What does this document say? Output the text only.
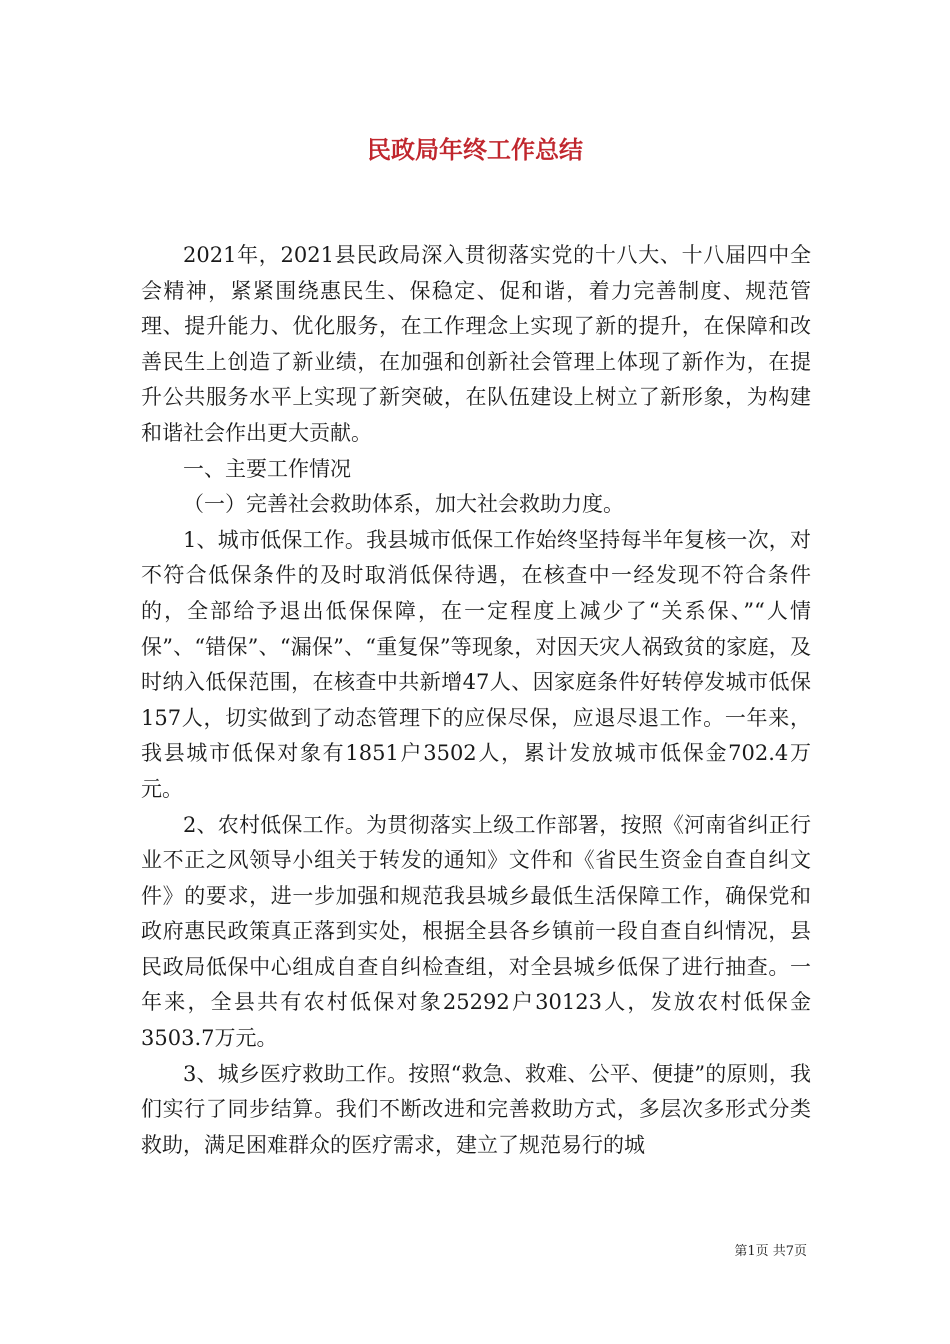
民政局年终工作总结

2021年，2021县民政局深入贯彻落实党的十八大、十八届四中全会精神，紧紧围绕惠民生、保稳定、促和谐，着力完善制度、规范管理、提升能力、优化服务，在工作理念上实现了新的提升，在保障和改善民生上创造了新业绩，在加强和创新社会管理上体现了新作为，在提升公共服务水平上实现了新突破，在队伍建设上树立了新形象，为构建和谐社会作出更大贡献。

一、主要工作情况

（一）完善社会救助体系，加大社会救助力度。

1、城市低保工作。我县城市低保工作始终坚持每半年复核一次，对不符合低保条件的及时取消低保待遇，在核查中一经发现不符合条件的，全部给予退出低保保障，在一定程度上减少了“关系保、”“人情保”、“错保”、“漏保”、“重复保”等现象，对因天灾人祸致贫的家庭，及时纳入低保范围，在核查中共新增47人、因家庭条件好转停发城市低保157人，切实做到了动态管理下的应保尽保，应退尽退工作。一年来，我县城市低保对象有1851户3502人，累计发放城市低保金702.4万元。

2、农村低保工作。为贯彻落实上级工作部署，按照《河南省纠正行业不正之风领导小组关于转发的通知》文件和《省民生资金自查自纠文件》的要求，进一步加强和规范我县城乡最低生活保障工作，确保党和政府惠民政策真正落到实处，根据全县各乡镇前一段自查自纠情况，县民政局低保中心组成自查自纠检查组，对全县城乡低保了进行抽查。一年来，全县共有农村低保对象25292户30123人，发放农村低保金3503.7万元。

3、城乡医疗救助工作。按照“救急、救难、公平、便捷”的原则，我们实行了同步结算。我们不断改进和完善救助方式，多层次多形式分类救助，满足困难群众的医疗需求，建立了规范易行的城

第1页 共7页
